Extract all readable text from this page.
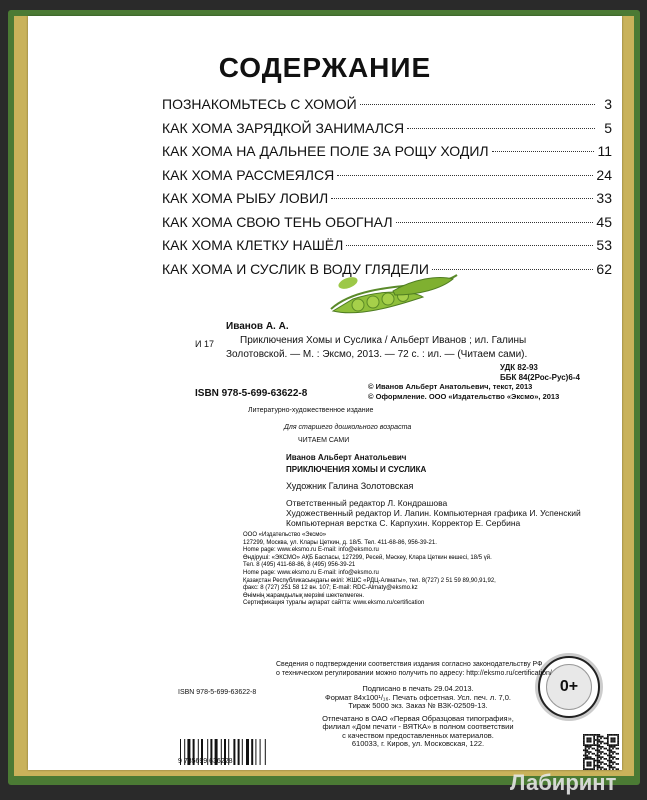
СОДЕРЖАНИЕ
ПОЗНАКОМЬТЕСЬ С ХОМОЙ	3
КАК ХОМА ЗАРЯДКОЙ ЗАНИМАЛСЯ	5
КАК ХОМА НА ДАЛЬНЕЕ ПОЛЕ ЗА РОЩУ ХОДИЛ	11
КАК ХОМА РАССМЕЯЛСЯ	24
КАК ХОМА РЫБУ ЛОВИЛ	33
КАК ХОМА СВОЮ ТЕНЬ ОБОГНАЛ	45
КАК ХОМА КЛЕТКУ НАШЁЛ	53
КАК ХОМА И СУСЛИК В ВОДУ ГЛЯДЕЛИ	62
И 17
Иванов А. А.
Приключения Хомы и Суслика / Альберт Иванов ; ил. Галины
Золотовской. — М. : Эксмо, 2013. — 72 с. : ил. — (Читаем сами).
УДК 82-93
ББК 84(2Рос-Рус)6-4
ISBN 978-5-699-63622-8
© Иванов Альберт Анатольевич, текст, 2013
© Оформление. ООО «Издательство «Эксмо», 2013
Литературно-художественное издание
Для старшего дошкольного возраста
ЧИТАЕМ САМИ
Иванов Альберт Анатольевич
ПРИКЛЮЧЕНИЯ ХОМЫ И СУСЛИКА
Художник Галина Золотовская
Ответственный редактор Л. Кондрашова
Художественный редактор И. Лапин. Компьютерная графика И. Успенский
Компьютерная верстка С. Карпухин. Корректор Е. Сербина
ООО «Издательство «Эксмо»
127299, Москва, ул. Клары Цеткин, д. 18/5. Тел. 411-68-86, 956-39-21.
Home page: www.eksmo.ru E-mail: info@eksmo.ru
Өндіруші: «ЭКСМО» АҚБ Баспасы, 127299, Ресей, Мәскеу, Клара Цеткин көшесі, 18/5 үй.
Тел. 8 (495) 411-68-86, 8 (495) 956-39-21
Home page: www.eksmo.ru E-mail: info@eksmo.ru
Қазақстан Республикасындағы өкілі: ЖШС «РДЦ-Алматы», тел. 8(727) 2 51 59 89,90,91,92,
факс: 8 (727) 251 58 12 вн. 107; E-mail: RDC-Almaty@eksmo.kz
Өнімнің жарамдылық мерзімі шектелмеген.
Сертификация туралы ақпарат сайтта: www.eksmo.ru/certification
0+
Сведения о подтверждении соответствия издания согласно законодательству РФ
о техническом регулировании можно получить по адресу: http://eksmo.ru/certification/
ISBN 978-5-699-63622-8
9 785699 636228
Подписано в печать 29.04.2013.
Формат 84x100¹/₁₆. Печать офсетная. Усл. печ. л. 7,0.
Тираж 5000 экз. Заказ № ВЗК-02509-13.
Отпечатано в ОАО «Первая Образцовая типография»,
филиал «Дом печати - ВЯТКА» в полном соответствии
с качеством предоставленных материалов.
610033, г. Киров, ул. Московская, 122.
Лабиринт
